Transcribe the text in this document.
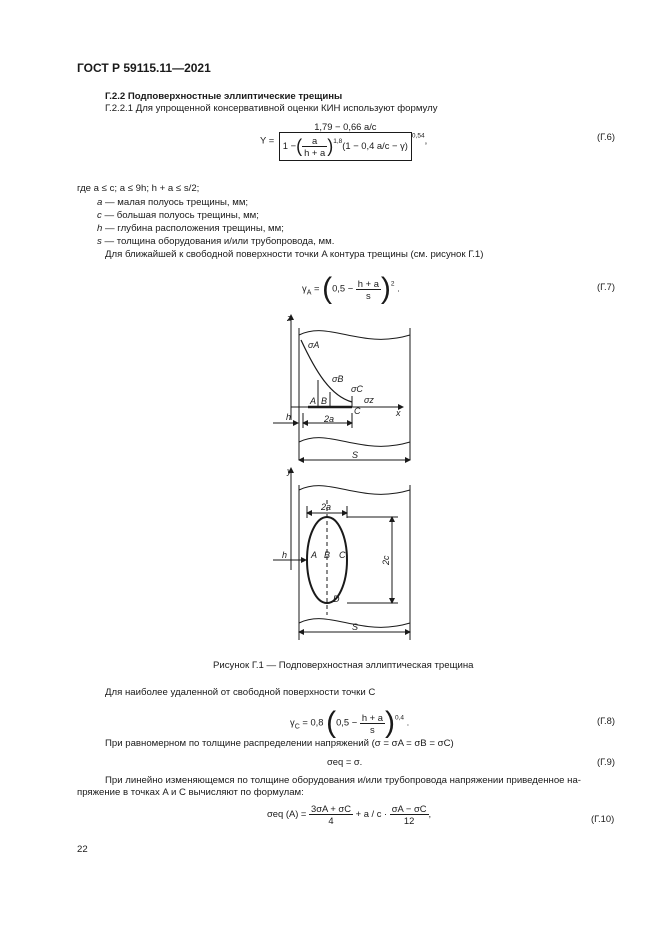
ГОСТ Р 59115.11—2021
Г.2.2 Подповерхностные эллиптические трещины
Г.2.2.1 Для упрощенной консервативной оценки КИН используют формулу
$Y = \frac{1,79 - 0,66 a/c}{1 -( \frac{a}{h + a} )^{1,8}(1 - 0,4 a/c - \gamma)} ^{0,54}$,	(Г.6)
где a ≤ c; a ≤ 9h; h + a ≤ s/2;
a — малая полуось трещины, мм;
c — большая полуось трещины, мм;
h — глубина расположения трещины, мм;
s — толщина оборудования и/или трубопровода, мм.
Для ближайшей к свободной поверхности точки A контура трещины (см. рисунок Г.1)
$\gamma_A = (0,5 - \frac{h + a}{s} )^2$ .	(Г.7)
z
σA
σB
σC
σz
A B
C	x
h	2a
S
y
2a
h	A B C
D
2c
S
Рисунок Г.1 — Подповерхностная эллиптическая трещина
Для наиболее удаленной от свободной поверхности точки C
$\gamma_C = 0,8$ $(0,5 - \frac{h + a}{s} )^{0,4}$ .	(Г.8)
При равномерном по толщине распределении напряжений (σ = σA = σB = σC)
σeq = σ.	(Г.9)
При линейно изменяющемся по толщине оборудования и/или трубопровода напряжении приведенное на-
пряжение в точках A и C вычисляют по формулам:
σeq $(A) = \frac{3\sigma A + \sigma C}{4} + a / c \cdot \frac{\sigma A - \sigma C}{12}$ ,	(Г.10)
22
